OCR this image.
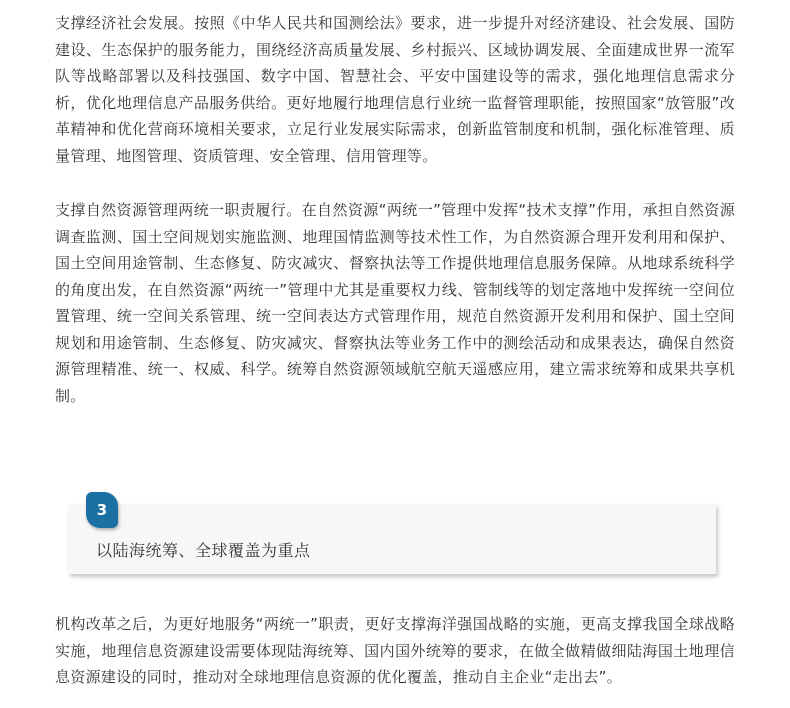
支撑经济社会发展。按照《中华人民共和国测绘法》要求，进一步提升对经济建设、社会发展、国防建设、生态保护的服务能力，围绕经济高质量发展、乡村振兴、区域协调发展、全面建成世界一流军队等战略部署以及科技强国、数字中国、智慧社会、平安中国建设等的需求，强化地理信息需求分析，优化地理信息产品服务供给。更好地履行地理信息行业统一监督管理职能，按照国家“放管服”改革精神和优化营商环境相关要求，立足行业发展实际需求，创新监管制度和机制，强化标准管理、质量管理、地图管理、资质管理、安全管理、信用管理等。

支撑自然资源管理两统一职责履行。在自然资源“两统一”管理中发挥“技术支撑”作用，承担自然资源调查监测、国土空间规划实施监测、地理国情监测等技术性工作，为自然资源合理开发利用和保护、国土空间用途管制、生态修复、防灾减灾、督察执法等工作提供地理信息服务保障。从地球系统科学的角度出发，在自然资源“两统一”管理中尤其是重要权力线、管制线等的划定落地中发挥统一空间位置管理、统一空间关系管理、统一空间表达方式管理作用，规范自然资源开发利用和保护、国土空间规划和用途管制、生态修复、防灾减灾、督察执法等业务工作中的测绘活动和成果表达，确保自然资源管理精准、统一、权威、科学。统筹自然资源领域航空航天遥感应用，建立需求统筹和成果共享机制。

3
以陆海统筹、全球覆盖为重点

机构改革之后，为更好地服务“两统一”职责，更好支撑海洋强国战略的实施，更高支撑我国全球战略实施，地理信息资源建设需要体现陆海统筹、国内国外统筹的要求，在做全做精做细陆海国土地理信息资源建设的同时，推动对全球地理信息资源的优化覆盖，推动自主企业“走出去”。
